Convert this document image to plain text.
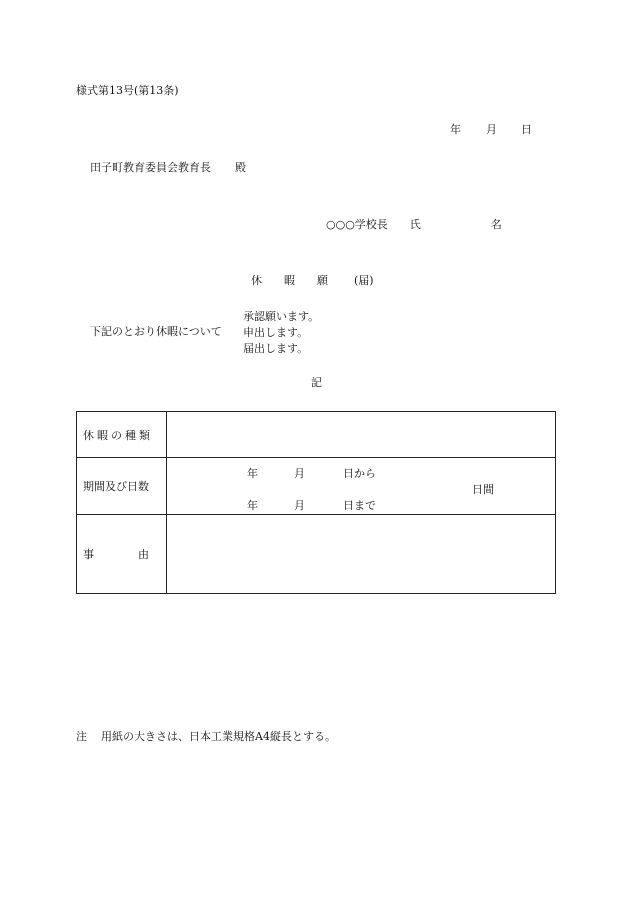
様式第13号(第13条)
年 月 日
田子町教育委員会教育長 殿
○○○学校長 氏	名
休 暇 願 (届)
下記のとおり休暇について
承認願います。
申出します。
届出します。
記
休暇の種類	
期間及び日数	年 月 日から
年 月 日まで
日間

事 由	

注 用紙の大きさは、日本工業規格A4縦長とする。
